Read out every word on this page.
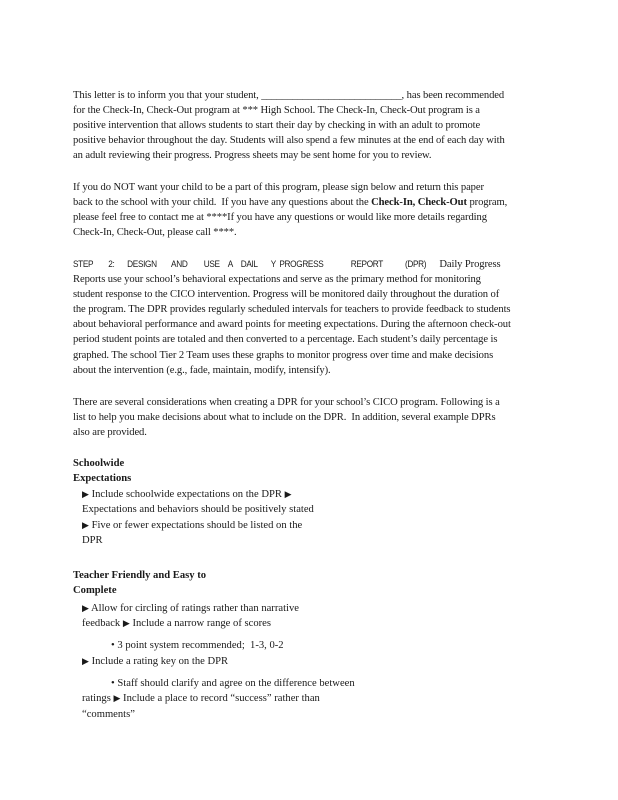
This letter is to inform you that your student, ___________________________, has been recommended
for the Check-In, Check-Out program at *** High School. The Check-In, Check-Out program is a
positive intervention that allows students to start their day by checking in with an adult to promote
positive behavior throughout the day. Students will also spend a few minutes at the end of each day with
an adult reviewing their progress. Progress sheets may be sent home for you to review.
If you do NOT want your child to be a part of this program, please sign below and return this paper
back to the school with your child.  If you have any questions about the Check-In, Check-Out program,
please feel free to contact me at ****If you have any questions or would like more details regarding
Check-In, Check-Out, please call ****.
STEP 2: DESIGN AND USE A DAIL Y PROGRESS	REPORT (DPR) Daily Progress
Reports use your school’s behavioral expectations and serve as the primary method for monitoring
student response to the CICO intervention. Progress will be monitored daily throughout the duration of
the program. The DPR provides regularly scheduled intervals for teachers to provide feedback to students
about behavioral performance and award points for meeting expectations. During the afternoon check-out
period student points are totaled and then converted to a percentage. Each student’s daily percentage is
graphed. The school Tier 2 Team uses these graphs to monitor progress over time and make decisions
about the intervention (e.g., fade, maintain, modify, intensify).
There are several considerations when creating a DPR for your school’s CICO program. Following is a
list to help you make decisions about what to include on the DPR.  In addition, several example DPRs
also are provided.
Schoolwide
Expectations
▶ Include schoolwide expectations on the DPR ▶
Expectations and behaviors should be positively stated
▶ Five or fewer expectations should be listed on the
DPR
Teacher Friendly and Easy to
Complete
▶ Allow for circling of ratings rather than narrative
feedback ▶ Include a narrow range of scores
• 3 point system recommended;  1-3, 0-2
▶ Include a rating key on the DPR
• Staff should clarify and agree on the difference between
ratings ▶ Include a place to record “success” rather than
“comments”
